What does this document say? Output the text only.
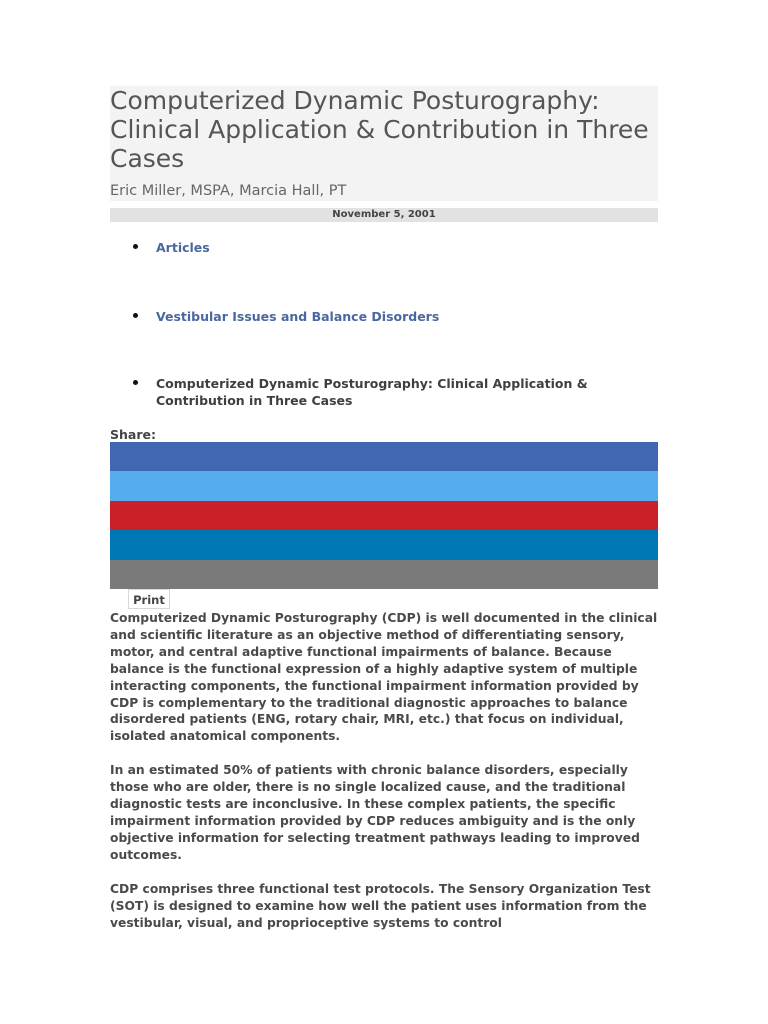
Computerized Dynamic Posturography: Clinical Application & Contribution in Three Cases
Eric Miller, MSPA, Marcia Hall, PT
November 5, 2001
Articles
Vestibular Issues and Balance Disorders
Computerized Dynamic Posturography: Clinical Application & Contribution in Three Cases
Share:
Print

Computerized Dynamic Posturography (CDP) is well documented in the clinical and scientific literature as an objective method of differentiating sensory, motor, and central adaptive functional impairments of balance. Because balance is the functional expression of a highly adaptive system of multiple interacting components, the functional impairment information provided by CDP is complementary to the traditional diagnostic approaches to balance disordered patients (ENG, rotary chair, MRI, etc.) that focus on individual, isolated anatomical components.

In an estimated 50% of patients with chronic balance disorders, especially those who are older, there is no single localized cause, and the traditional diagnostic tests are inconclusive. In these complex patients, the specific impairment information provided by CDP reduces ambiguity and is the only objective information for selecting treatment pathways leading to improved outcomes.

CDP comprises three functional test protocols. The Sensory Organization Test (SOT) is designed to examine how well the patient uses information from the vestibular, visual, and proprioceptive systems to control
